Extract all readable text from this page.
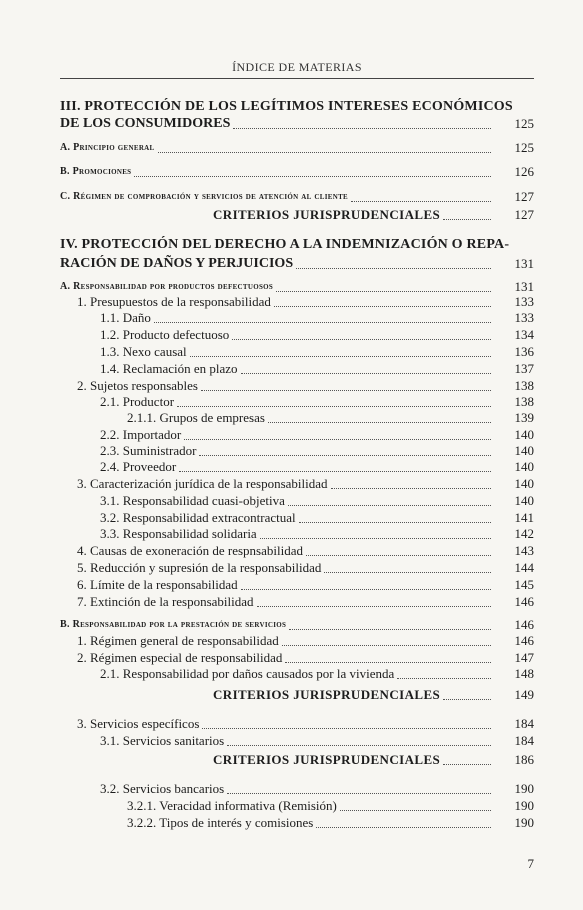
ÍNDICE DE MATERIAS
III. PROTECCIÓN DE LOS LEGÍTIMOS INTERESES ECONÓMICOS
DE LOS CONSUMIDORES	125
A. Principio general	125
B. Promociones	126
C. Régimen de comprobación y servicios de atención al cliente	127
CRITERIOS JURISPRUDENCIALES	127
IV. PROTECCIÓN DEL DERECHO A LA INDEMNIZACIÓN O REPA-
RACIÓN DE DAÑOS Y PERJUICIOS	131
A. Responsabilidad por productos defectuosos	131
1. Presupuestos de la responsabilidad	133
1.1. Daño	133
1.2. Producto defectuoso	134
1.3. Nexo causal	136
1.4. Reclamación en plazo	137
2. Sujetos responsables	138
2.1. Productor	138
2.1.1. Grupos de empresas	139
2.2. Importador	140
2.3. Suministrador	140
2.4. Proveedor	140
3. Caracterización jurídica de la responsabilidad	140
3.1. Responsabilidad cuasi-objetiva	140
3.2. Responsabilidad extracontractual	141
3.3. Responsabilidad solidaria	142
4. Causas de exoneración de respnsabilidad	143
5. Reducción y supresión de la responsabilidad	144
6. Límite de la responsabilidad	145
7. Extinción de la responsabilidad	146
B. Responsabilidad por la prestación de servicios	146
1. Régimen general de responsabilidad	146
2. Régimen especial de responsabilidad	147
2.1. Responsabilidad por daños causados por la vivienda	148
CRITERIOS JURISPRUDENCIALES	149
3. Servicios específicos	184
3.1. Servicios sanitarios	184
CRITERIOS JURISPRUDENCIALES	186
3.2. Servicios bancarios	190
3.2.1. Veracidad informativa (Remisión)	190
3.2.2. Tipos de interés y comisiones	190
7
